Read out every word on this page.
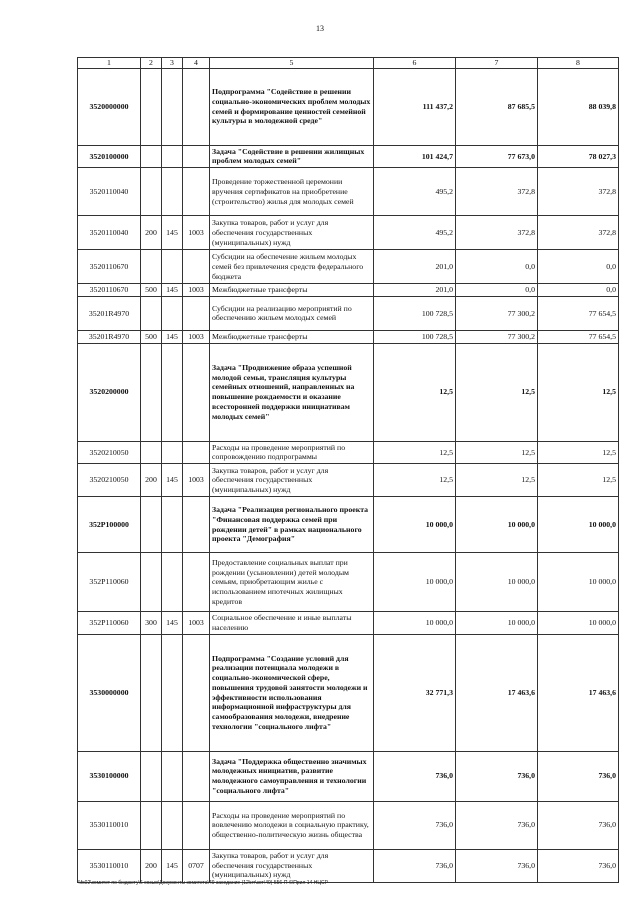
13
1	2	3	4	5	6	7	8
3520000000				Подпрограмма "Содействие в решении социально-экономических проблем молодых семей и формирование ценностей семейной культуры в молодежной среде"	111 437,2	87 685,5	88 039,8
3520100000				Задача "Содействие в решении жилищных проблем молодых семей"	101 424,7	77 673,0	78 027,3
3520110040				Проведение торжественной церемонии вручения сертификатов на приобретение (строительство) жилья для молодых семей	495,2	372,8	372,8
3520110040	200	145	1003	Закупка товаров, работ и услуг для обеспечения государственных (муниципальных) нужд	495,2	372,8	372,8
3520110670				Субсидии на обеспечение жильем молодых семей без привлечения средств федерального бюджета	201,0	0,0	0,0
3520110670	500	145	1003	Межбюджетные трансферты	201,0	0,0	0,0
35201R4970				Субсидии на реализацию мероприятий по обеспечению жильем молодых семей	100 728,5	77 300,2	77 654,5
35201R4970	500	145	1003	Межбюджетные трансферты	100 728,5	77 300,2	77 654,5
3520200000				Задача "Продвижение образа успешной молодой семьи, трансляция культуры семейных отношений, направленных на повышение рождаемости и оказание всесторонней поддержки инициативам молодых семей"	12,5	12,5	12,5
3520210050				Расходы на проведение мероприятий по сопровождению подпрограммы	12,5	12,5	12,5
3520210050	200	145	1003	Закупка товаров, работ и услуг для обеспечения государственных (муниципальных) нужд	12,5	12,5	12,5
352P100000				Задача "Реализация регионального проекта "Финансовая поддержка семей при рождении детей" в рамках национального проекта "Демография"	10 000,0	10 000,0	10 000,0
352P110060				Предоставление социальных выплат при рождении (усыновлении) детей молодым семьям, приобретающим жилье с использованием ипотечных жилищных кредитов	10 000,0	10 000,0	10 000,0
352P110060	300	145	1003	Социальное обеспечение и иные выплаты населению	10 000,0	10 000,0	10 000,0
3530000000				Подпрограмма "Создание условий для реализации потенциала молодежи в социально-экономической сфере, повышения трудовой занятости молодежи и эффективности использования информационной инфраструктуры для самообразования молодежи, внедрение технологии "социального лифта"	32 771,3	17 463,6	17 463,6
3530100000				Задача "Поддержка общественно значимых молодежных инициатив, развитие молодежного самоуправления и технологии "социального лифта"	736,0	736,0	736,0
3530110010				Расходы на проведение мероприятий по вовлечению молодежи в социальную практику, общественно-политическую жизнь общества	736,0	736,0	736,0
3530110010	200	145	0707	Закупка товаров, работ и услуг для обеспечения государственных (муниципальных) нужд	736,0	736,0	736,0
\\fs02\комитет по бюджету\6 созыв\Документы комитета\49 заседание (12\ит\зот\49) 556-П-6\Прил 14 НЦСР
